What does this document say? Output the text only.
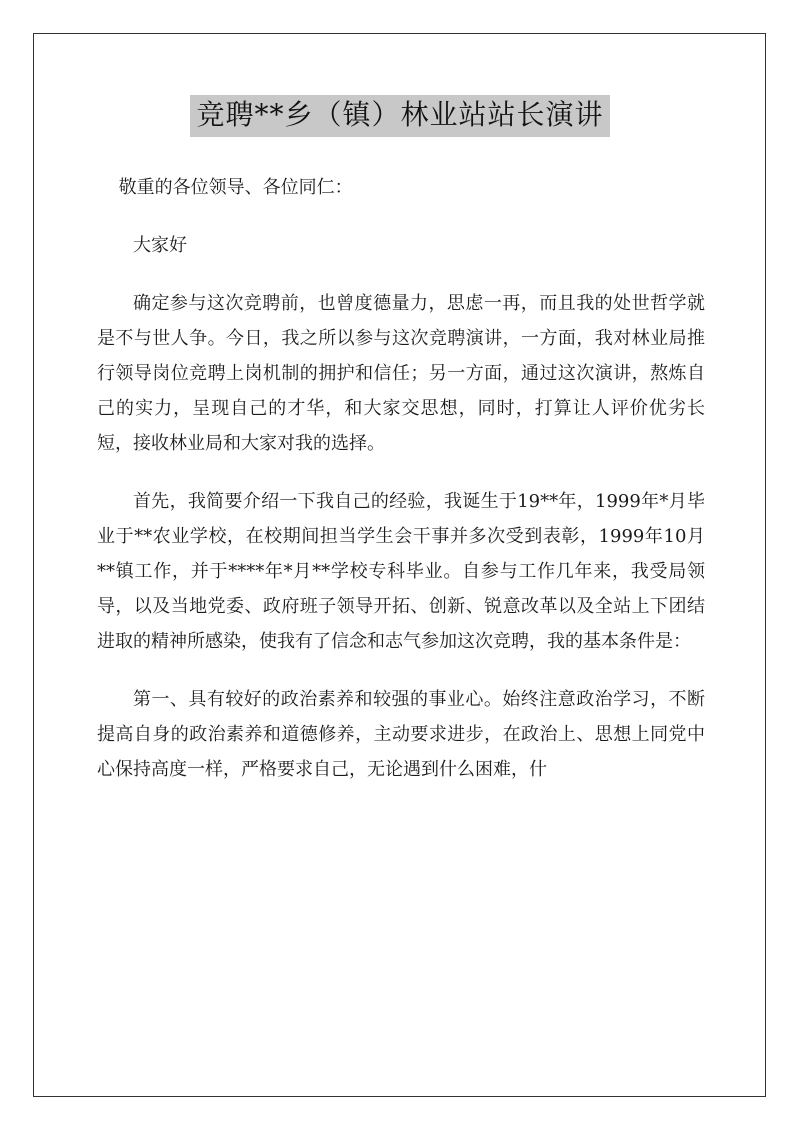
竞聘**乡（镇）林业站站长演讲

敬重的各位领导、各位同仁：

大家好

确定参与这次竞聘前，也曾度德量力，思虑一再，而且我的处世哲学就是不与世人争。今日，我之所以参与这次竞聘演讲，一方面，我对林业局推行领导岗位竞聘上岗机制的拥护和信任；另一方面，通过这次演讲，熬炼自己的实力，呈现自己的才华，和大家交思想，同时，打算让人评价优劣长短，接收林业局和大家对我的选择。

首先，我简要介绍一下我自己的经验，我诞生于19**年，1999年*月毕业于**农业学校，在校期间担当学生会干事并多次受到表彰，1999年10月**镇工作，并于****年*月**学校专科毕业。自参与工作几年来，我受局领导，以及当地党委、政府班子领导开拓、创新、锐意改革以及全站上下团结进取的精神所感染，使我有了信念和志气参加这次竞聘，我的基本条件是：

第一、具有较好的政治素养和较强的事业心。始终注意政治学习，不断提高自身的政治素养和道德修养，主动要求进步，在政治上、思想上同党中心保持高度一样，严格要求自己，无论遇到什么困难，什
